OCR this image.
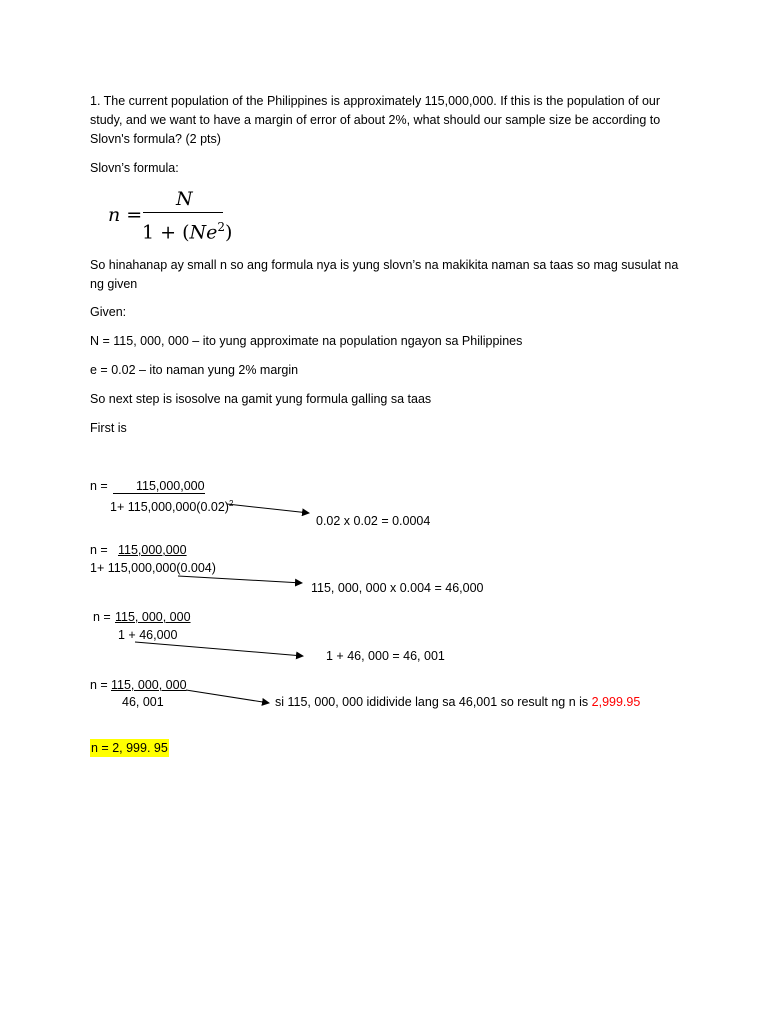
1. The current population of the Philippines is approximately 115,000,000. If this is the population of our study, and we want to have a margin of error of about 2%, what should our sample size be according to Slovn's formula? (2 pts)
Slovn’s formula:
n =
N
$1 + (Ne^2)$
So hinahanap ay small n so ang formula nya is yung slovn’s na makikita naman sa taas so mag susulat na ng given
Given:
N = 115, 000, 000 – ito yung approximate na population ngayon sa Philippines
e = 0.02 – ito naman yung 2% margin
So next step is isosolve na gamit yung formula galling sa taas
First is
n = 115,000,000
$1+ 115,000,000(0.02)^2$
0.02 x 0.02 = 0.0004
n = 115,000,000
1+ 115,000,000(0.004)
115, 000, 000 x 0.004 = 46,000
n = 115, 000, 000
1 + 46,000
1 + 46, 000 = 46, 001
n = 115, 000, 000
46, 001	si 115, 000, 000 ididivide lang sa 46,001 so result ng n is 2,999.95
n = 2, 999. 95
